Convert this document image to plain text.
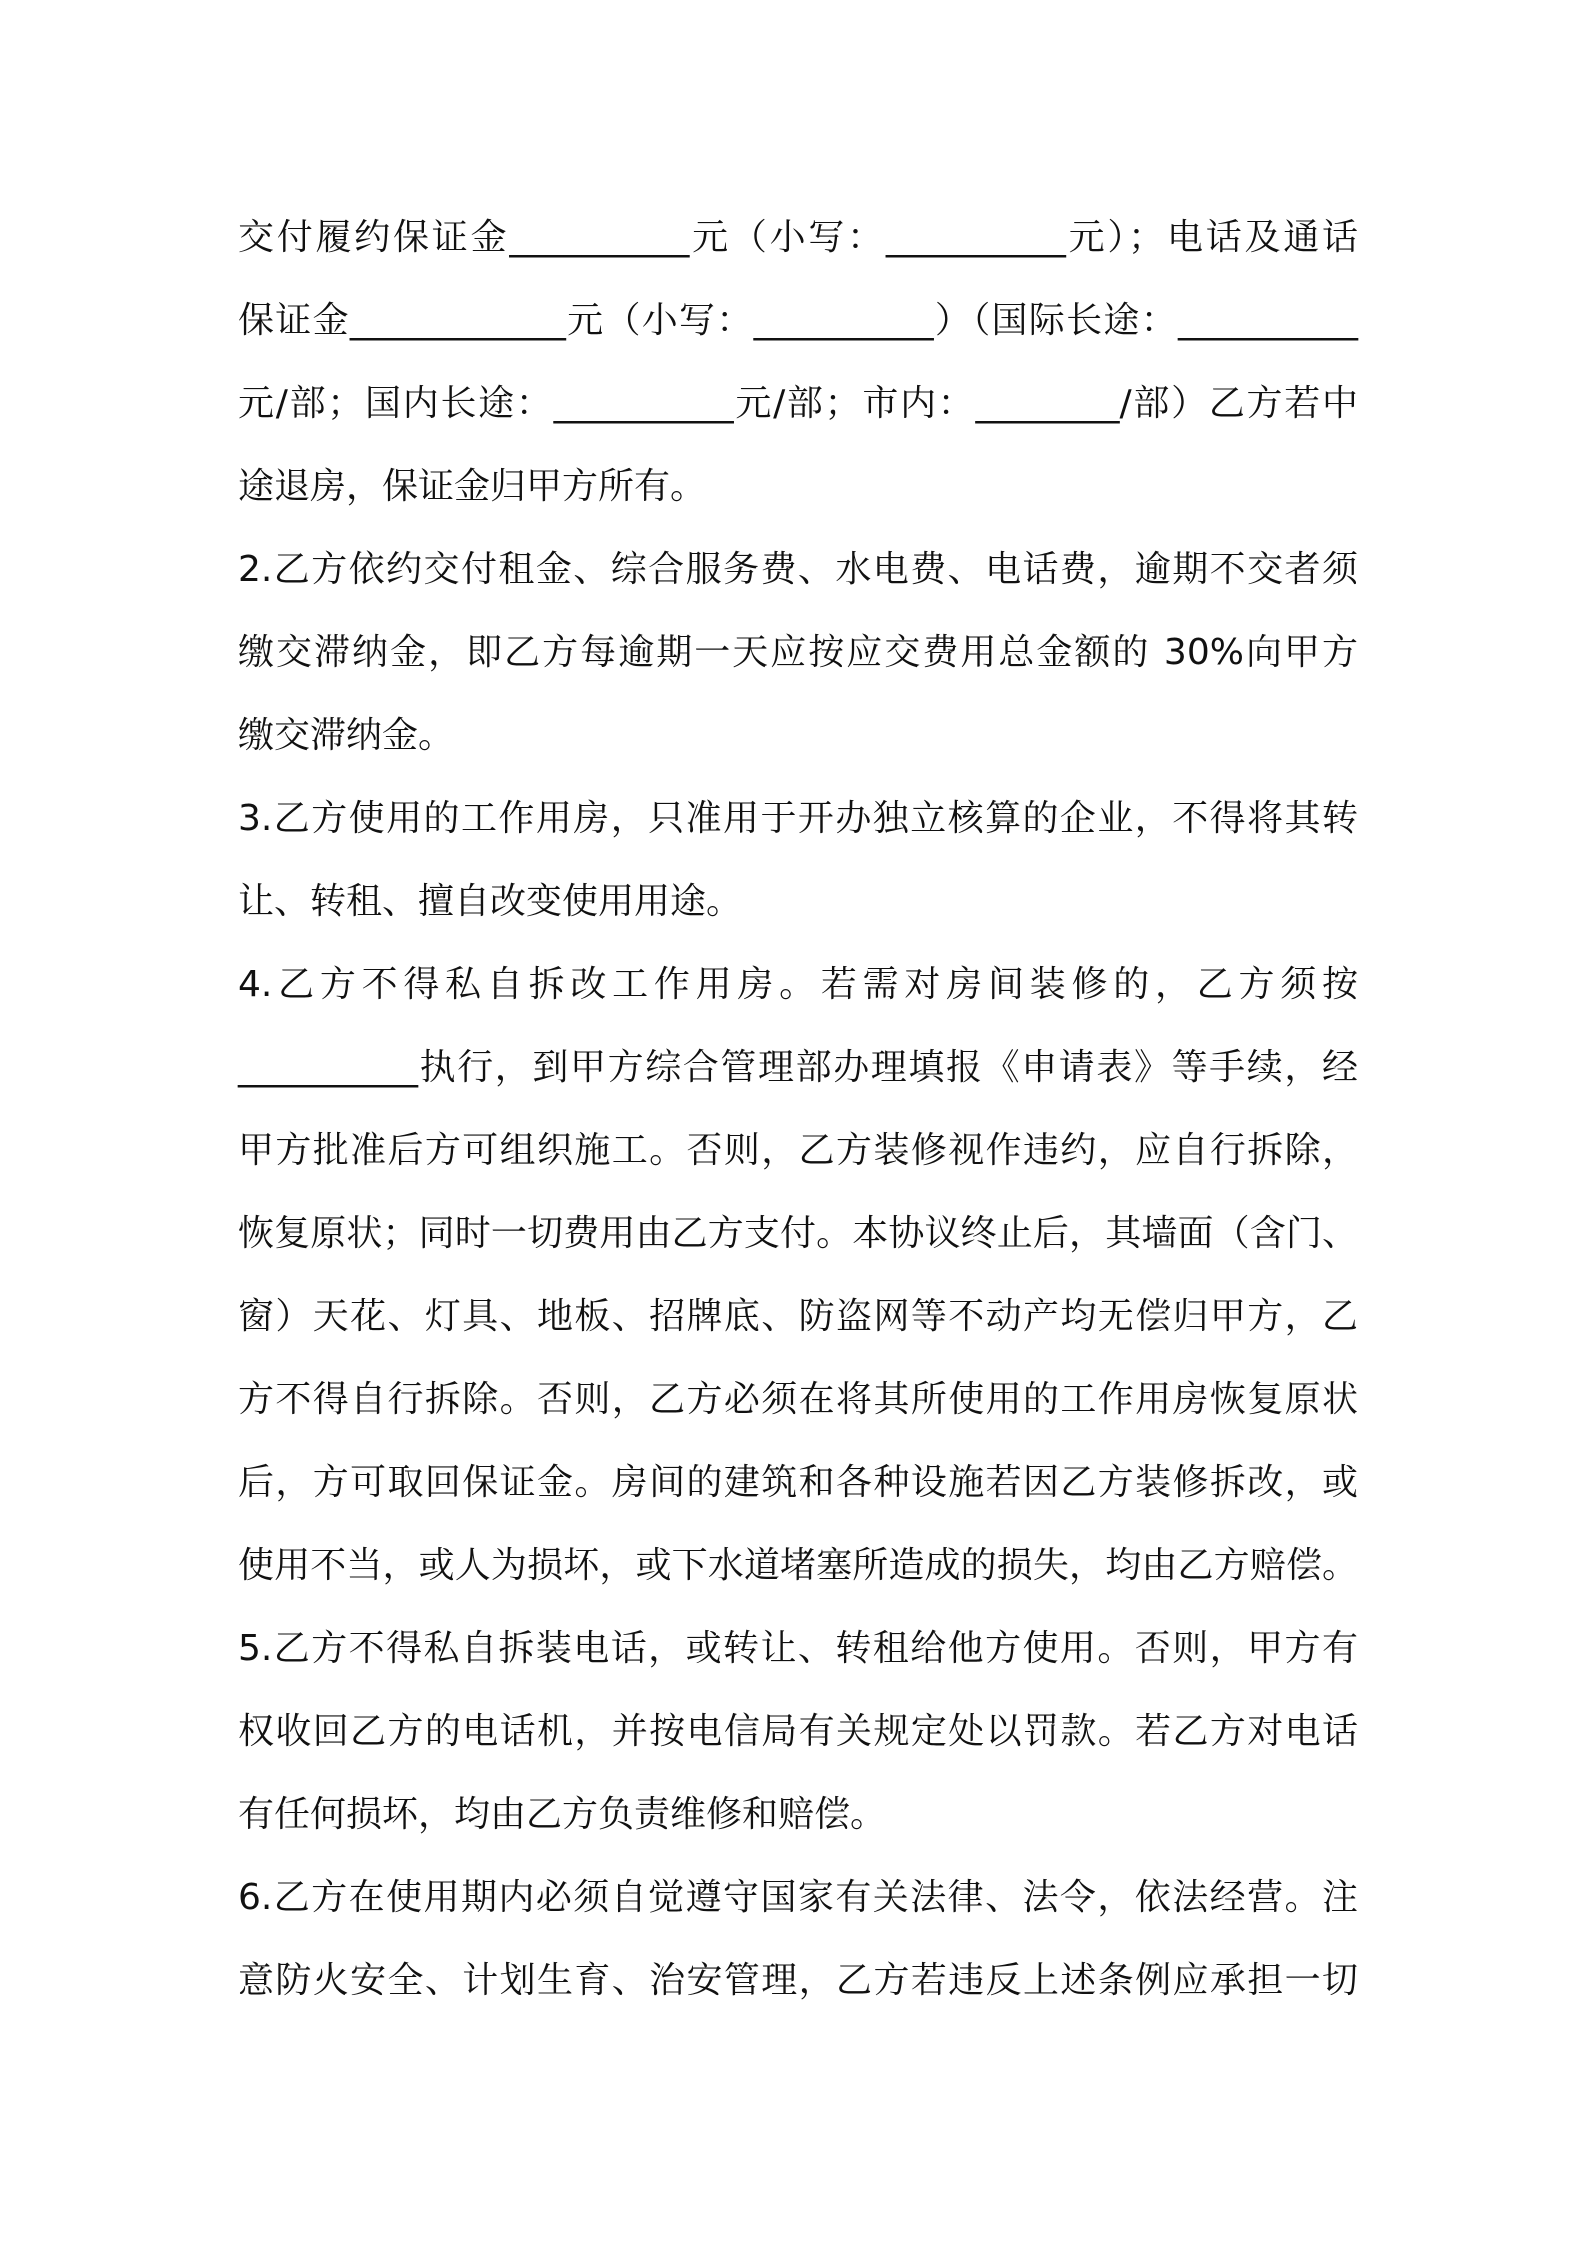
交付履约保证金__________元（小写：__________元）；电话及通话
保证金____________元（小写：__________）（国际长途：__________
元/部；国内长途：__________元/部；市内：________/部）乙方若中
途退房，保证金归甲方所有。
2.乙方依约交付租金、综合服务费、水电费、电话费，逾期不交者须
缴交滞纳金，即乙方每逾期一天应按应交费用总金额的 30%向甲方
缴交滞纳金。
3.乙方使用的工作用房，只准用于开办独立核算的企业，不得将其转
让、转租、擅自改变使用用途。
4.乙方不得私自拆改工作用房。若需对房间装修的，乙方须按
__________执行，到甲方综合管理部办理填报《申请表》等手续，经
甲方批准后方可组织施工。否则，乙方装修视作违约，应自行拆除，
恢复原状；同时一切费用由乙方支付。本协议终止后，其墙面（含门、
窗）天花、灯具、地板、招牌底、防盗网等不动产均无偿归甲方，乙
方不得自行拆除。否则，乙方必须在将其所使用的工作用房恢复原状
后，方可取回保证金。房间的建筑和各种设施若因乙方装修拆改，或
使用不当，或人为损坏，或下水道堵塞所造成的损失，均由乙方赔偿。
5.乙方不得私自拆装电话，或转让、转租给他方使用。否则，甲方有
权收回乙方的电话机，并按电信局有关规定处以罚款。若乙方对电话
有任何损坏，均由乙方负责维修和赔偿。
6.乙方在使用期内必须自觉遵守国家有关法律、法令，依法经营。注
意防火安全、计划生育、治安管理，乙方若违反上述条例应承担一切
